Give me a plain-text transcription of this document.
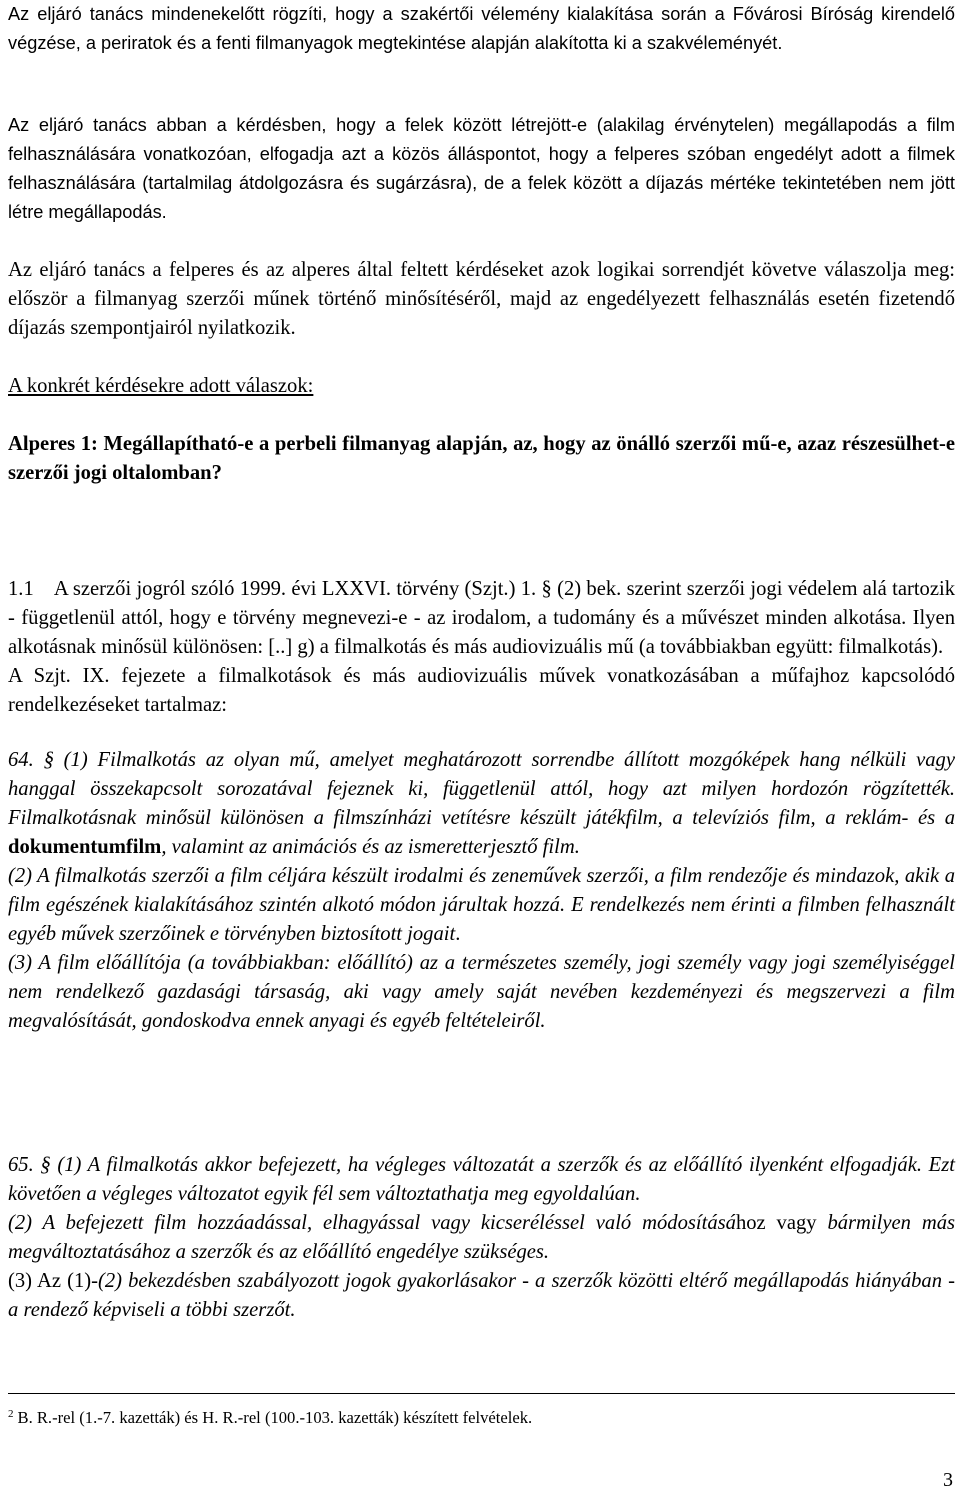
Az eljáró tanács mindenekelőtt rögzíti, hogy a szakértői vélemény kialakítása során a Fővárosi Bíróság kirendelő végzése, a periratok és a fenti filmanyagok megtekintése alapján alakította ki a szakvéleményét.

Az eljáró tanács abban a kérdésben, hogy a felek között létrejött-e (alakilag érvénytelen) megállapodás a film felhasználására vonatkozóan, elfogadja azt a közös álláspontot, hogy a felperes szóban engedélyt adott a filmek felhasználására (tartalmilag átdolgozásra és sugárzásra), de a felek között a díjazás mértéke tekintetében nem jött létre megállapodás.

Az eljáró tanács a felperes és az alperes által feltett kérdéseket azok logikai sorrendjét követve válaszolja meg: először a filmanyag szerzői műnek történő minősítéséről, majd az engedélyezett felhasználás esetén fizetendő díjazás szempontjairól nyilatkozik.

A konkrét kérdésekre adott válaszok:

Alperes 1: Megállapítható-e a perbeli filmanyag alapján, az, hogy az önálló szerzői mű-e, azaz részesülhet-e szerzői jogi oltalomban?

1.1    A szerzői jogról szóló 1999. évi LXXVI. törvény (Szjt.) 1. § (2) bek. szerint szerzői jogi védelem alá tartozik - függetlenül attól, hogy e törvény megnevezi-e - az irodalom, a tudomány és a művészet minden alkotása. Ilyen alkotásnak minősül különösen: [..] g) a filmalkotás és más audiovizuális mű (a továbbiakban együtt: filmalkotás).

A Szjt. IX. fejezete a filmalkotások és más audiovizuális művek vonatkozásában a műfajhoz kapcsolódó rendelkezéseket tartalmaz:

64. § (1) Filmalkotás az olyan mű, amelyet meghatározott sorrendbe állított mozgóképek hang nélküli vagy hanggal összekapcsolt sorozatával fejeznek ki, függetlenül attól, hogy azt milyen hordozón rögzítették. Filmalkotásnak minősül különösen a filmszínházi vetítésre készült játékfilm, a televíziós film, a reklám- és a dokumentumfilm, valamint az animációs és az ismeretterjesztő film.

(2) A filmalkotás szerzői a film céljára készült irodalmi és zeneművek szerzői, a film rendezője és mindazok, akik a film egészének kialakításához szintén alkotó módon járultak hozzá. E rendelkezés nem érinti a filmben felhasznált egyéb művek szerzőinek e törvényben biztosított jogait.

(3) A film előállítója (a továbbiakban: előállító) az a természetes személy, jogi személy vagy jogi személyiséggel nem rendelkező gazdasági társaság, aki vagy amely saját nevében kezdeményezi és megszervezi a film megvalósítását, gondoskodva ennek anyagi és egyéb feltételeiről.

65. § (1) A filmalkotás akkor befejezett, ha végleges változatát a szerzők és az előállító ilyenként elfogadják. Ezt követően a végleges változatot egyik fél sem változtathatja meg egyoldalúan.

(2) A befejezett film hozzáadással, elhagyással vagy kicseréléssel való módosításához vagy bármilyen más megváltoztatásához a szerzők és az előállító engedélye szükséges.

(3) Az (1)-(2) bekezdésben szabályozott jogok gyakorlásakor - a szerzők közötti eltérő megállapodás hiányában - a rendező képviseli a többi szerzőt.

$^2$ B. R.-rel (1.-7. kazetták) és H. R.-rel (100.-103. kazetták) készített felvételek.
3
